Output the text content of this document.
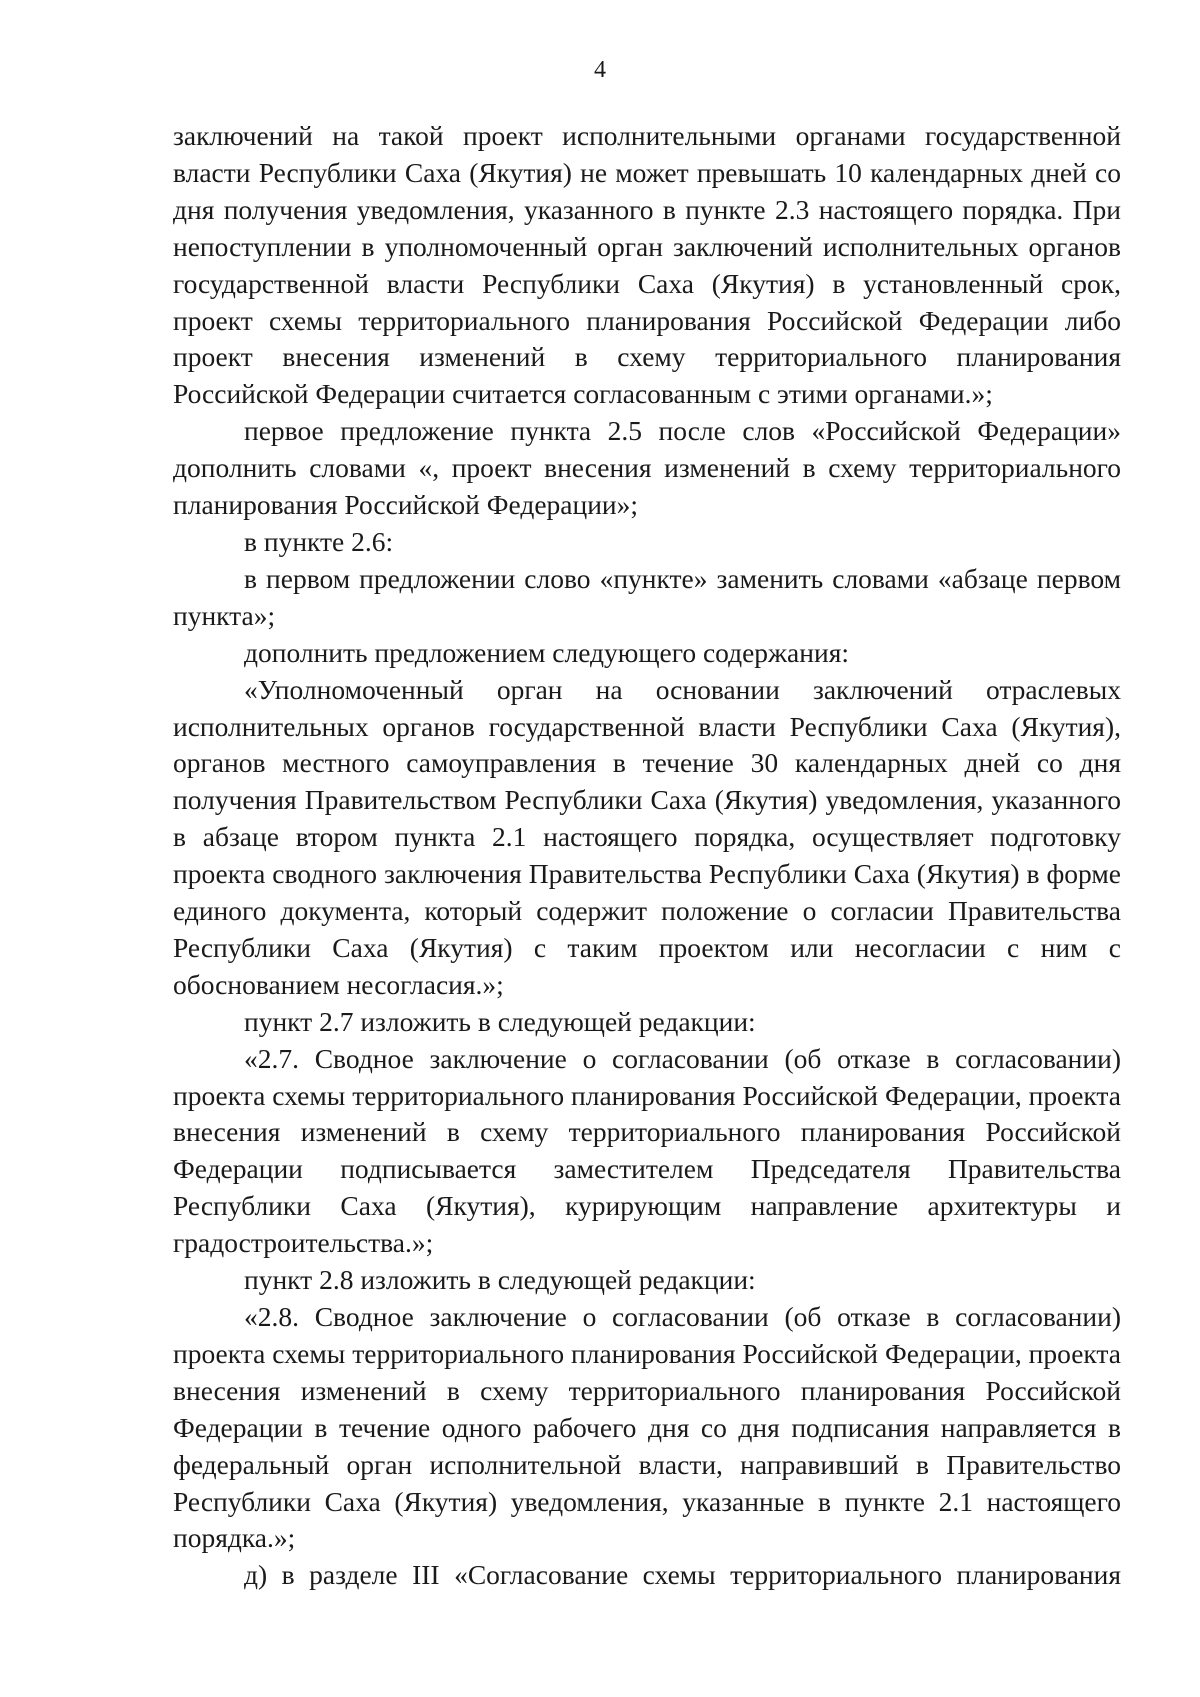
4

заключений на такой проект исполнительными органами государственной власти Республики Саха (Якутия) не может превышать 10 календарных дней со дня получения уведомления, указанного в пункте 2.3 настоящего порядка. При непоступлении в уполномоченный орган заключений исполнительных органов государственной власти Республики Саха (Якутия) в установленный срок, проект схемы территориального планирования Российской Федерации либо проект внесения изменений в схему территориального планирования Российской Федерации считается согласованным с этими органами.»;

первое предложение пункта 2.5 после слов «Российской Федерации» дополнить словами «, проект внесения изменений в схему территориального планирования Российской Федерации»;

в пункте 2.6:

в первом предложении слово «пункте» заменить словами «абзаце первом пункта»;

дополнить предложением следующего содержания:

«Уполномоченный орган на основании заключений отраслевых исполнительных органов государственной власти Республики Саха (Якутия), органов местного самоуправления в течение 30 календарных дней со дня получения Правительством Республики Саха (Якутия) уведомления, указанного в абзаце втором пункта 2.1 настоящего порядка, осуществляет подготовку проекта сводного заключения Правительства Республики Саха (Якутия) в форме единого документа, который содержит положение о согласии Правительства Республики Саха (Якутия) с таким проектом или несогласии с ним с обоснованием несогласия.»;

пункт 2.7 изложить в следующей редакции:

«2.7. Сводное заключение о согласовании (об отказе в согласовании) проекта схемы территориального планирования Российской Федерации, проекта внесения изменений в схему территориального планирования Российской Федерации подписывается заместителем Председателя Правительства Республики Саха (Якутия), курирующим направление архитектуры и градостроительства.»;

пункт 2.8 изложить в следующей редакции:

«2.8. Сводное заключение о согласовании (об отказе в согласовании) проекта схемы территориального планирования Российской Федерации, проекта внесения изменений в схему территориального планирования Российской Федерации в течение одного рабочего дня со дня подписания направляется в федеральный орган исполнительной власти, направивший в Правительство Республики Саха (Якутия) уведомления, указанные в пункте 2.1 настоящего порядка.»;

д) в разделе III «Согласование схемы территориального планирования
